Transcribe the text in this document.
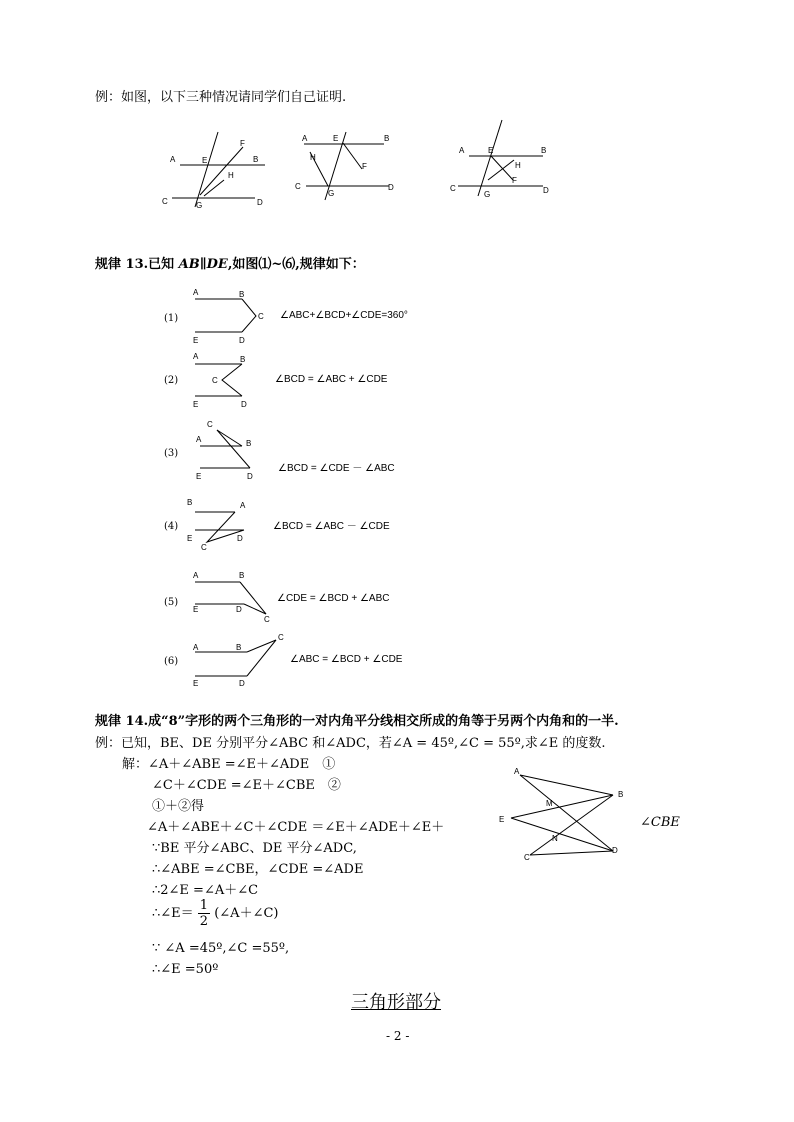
例：如图，以下三种情况请同学们自己证明.
A	B
C	D
E
F
G
H
A	B
C	D
E
F
G
H
A	B
C	D
E
F
G
H
规律 13.已知 AB∥DE,如图⑴~⑹,规律如下：
A	B
C
D
E
A	B
C
D
E
C
A	B
D
E
B	A
C
E	D
A	B
E	D
C
A	B
C
E	D
(1)	∠ABC+∠BCD+∠CDE=360°
(2)	∠BCD = ∠ABC + ∠CDE
(3)
∠BCD = ∠CDE － ∠ABC
(4)	∠BCD = ∠ABC － ∠CDE
(5)	∠CDE = ∠BCD + ∠ABC
(6)	∠ABC = ∠BCD + ∠CDE
规律 14.成“8”字形的两个三角形的一对内角平分线相交所成的角等于另两个内角和的一半.
例：已知，BE、DE 分别平分∠ABC 和∠ADC，若∠A = 45º,∠C = 55º,求∠E 的度数.
解：∠A＋∠ABE =∠E＋∠ADE　①
∠C＋∠CDE =∠E＋∠CBE　②
①＋②得
∠A＋∠ABE＋∠C＋∠CDE ＝∠E＋∠ADE＋∠E＋
∵BE 平分∠ABC、DE 平分∠ADC,
∴∠ABE =∠CBE，∠CDE =∠ADE
∴2∠E =∠A＋∠C
∴∠E＝ $\frac{1}{2}$ (∠A＋∠C)
∵ ∠A =45º,∠C =55º,
∴∠E =50º
A
B
C
D
E
M
N
∠CBE
三角形部分
- 2 -
